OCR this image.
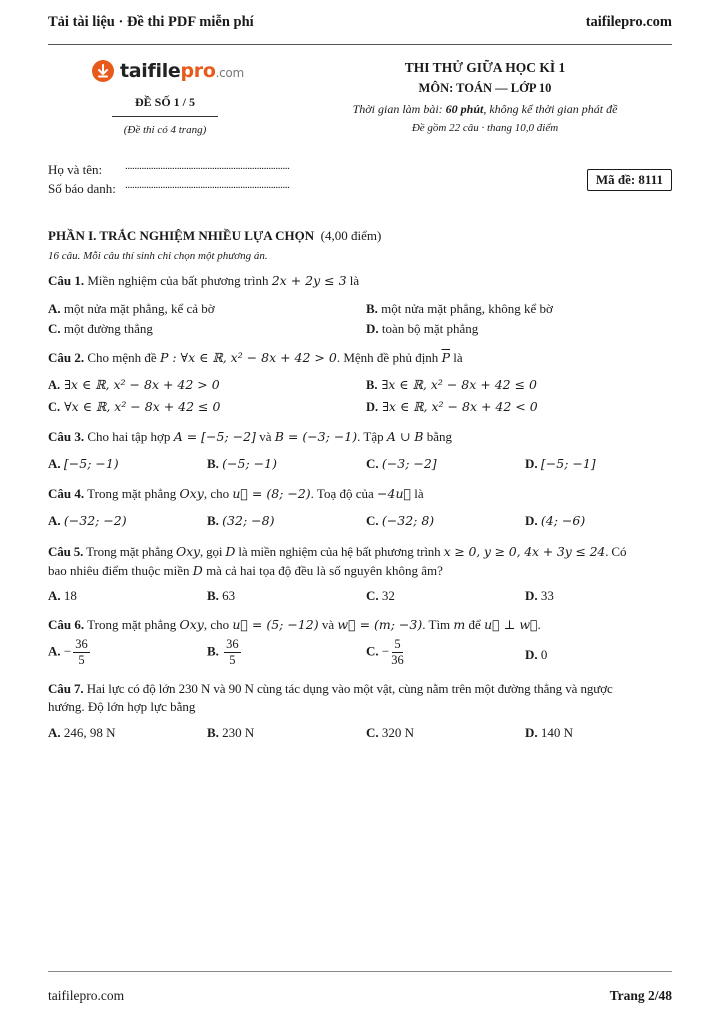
Tải tài liệu · Đề thi PDF miễn phí	taifilepro.com
taifilepro.com
ĐỀ SỐ 1 / 5
(Đề thi có 4 trang)
THI THỬ GIỮA HỌC KÌ 1
MÔN: TOÁN — LỚP 10
Thời gian làm bài: 60 phút, không kể thời gian phát đề
Đề gồm 22 câu · thang 10,0 điểm
Họ và tên: ......................................................................
Số báo danh: ......................................................................	Mã đề: 8111
PHẦN I. TRẮC NGHIỆM NHIỀU LỰA CHỌN (4,00 điểm)
16 câu. Mỗi câu thí sinh chỉ chọn một phương án.
Câu 1. Miền nghiệm của bất phương trình 2x + 2y ≤ 3 là
A. một nửa mặt phẳng, kể cả bờ	B. một nửa mặt phẳng, không kể bờ
C. một đường thẳng	D. toàn bộ mặt phẳng
Câu 2. Cho mệnh đề P : ∀x ∈ ℝ, x² − 8x + 42 > 0. Mệnh đề phủ định $\overline{P}$ là
A. ∃x ∈ ℝ, x² − 8x + 42 > 0	B. ∃x ∈ ℝ, x² − 8x + 42 ≤ 0
C. ∀x ∈ ℝ, x² − 8x + 42 ≤ 0	D. ∃x ∈ ℝ, x² − 8x + 42 < 0
Câu 3. Cho hai tập hợp A = [−5; −2] và B = (−3; −1). Tập A ∪ B bằng
A. [−5; −1)	B. (−5; −1)	C. (−3; −2]	D. [−5; −1]
Câu 4. Trong mặt phẳng Oxy, cho u⃗ = (8; −2). Toạ độ của −4u⃗ là
A. (−32; −2)	B. (32; −8)	C. (−32; 8)	D. (4; −6)
Câu 5. Trong mặt phẳng Oxy, gọi D là miền nghiệm của hệ bất phương trình x ≥ 0, y ≥ 0, 4x + 3y ≤ 24. Có
bao nhiêu điểm thuộc miền D mà cả hai tọa độ đều là số nguyên không âm?
A. 18	B. 63	C. 32	D. 33
Câu 6. Trong mặt phẳng Oxy, cho u⃗ = (5; −12) và w⃗ = (m; −3). Tìm m để u⃗ ⊥ w⃗.
A. − $\frac{36}{5}$	B. $\frac{36}{5}$	C. − $\frac{5}{36}$	D. 0
Câu 7. Hai lực có độ lớn 230 N và 90 N cùng tác dụng vào một vật, cùng nằm trên một đường thẳng và ngược
hướng. Độ lớn hợp lực bằng
A. 246, 98 N	B. 230 N	C. 320 N	D. 140 N
taifilepro.com	Trang 2/48
